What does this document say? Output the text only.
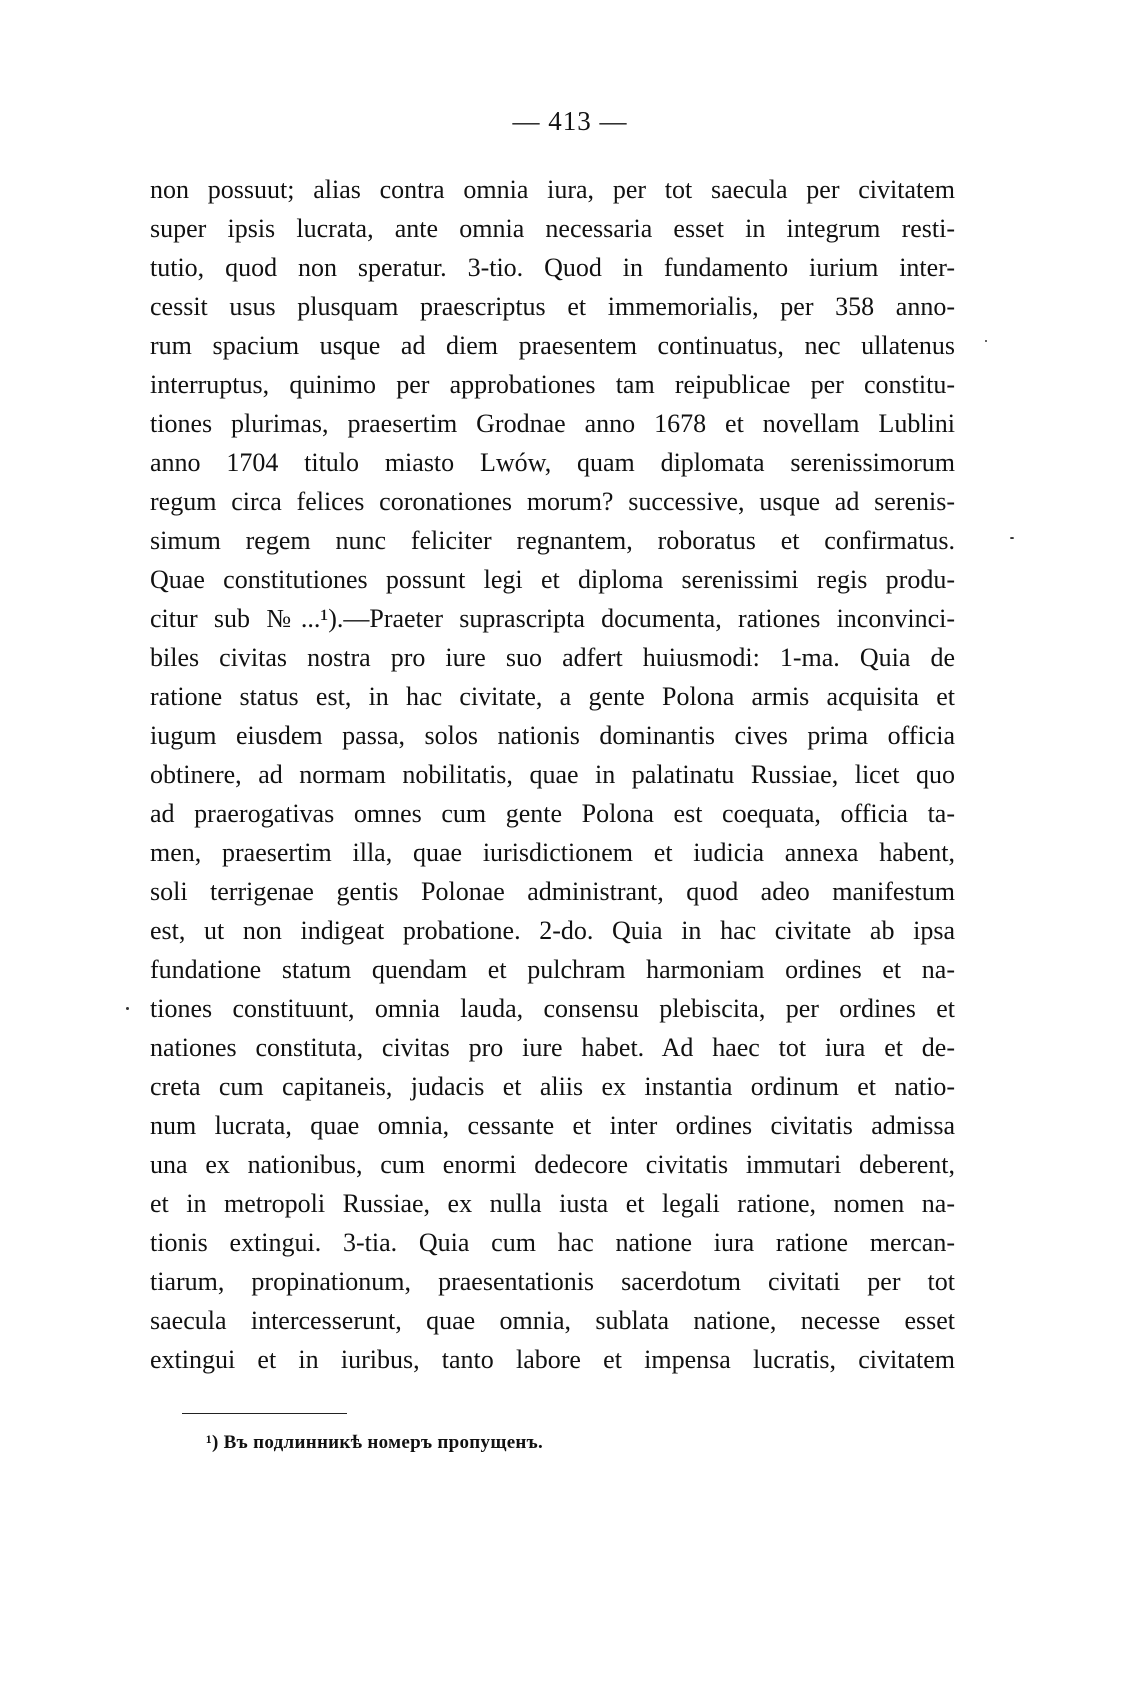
— 413 —
non possuut; alias contra omnia iura, per tot saecula per civitatem
super ipsis lucrata, ante omnia necessaria esset in integrum resti-
tutio, quod non speratur. 3-tio. Quod in fundamento iurium inter-
cessit usus plusquam praescriptus et immemorialis, per 358 anno-
rum spacium usque ad diem praesentem continuatus, nec ullatenus
interruptus, quinimo per approbationes tam reipublicae per constitu-
tiones plurimas, praesertim Grodnae anno 1678 et novellam Lublini
anno 1704 titulo miasto Lwów, quam diplomata serenissimorum
regum circa felices coronationes morum? successive, usque ad serenis-
simum regem nunc feliciter regnantem, roboratus et confirmatus.
Quae constitutiones possunt legi et diploma serenissimi regis produ-
citur sub №...¹).—Praeter suprascripta documenta, rationes inconvinci-
biles civitas nostra pro iure suo adfert huiusmodi: 1-ma. Quia de
ratione status est, in hac civitate, a gente Polona armis acquisita et
iugum eiusdem passa, solos nationis dominantis cives prima officia
obtinere, ad normam nobilitatis, quae in palatinatu Russiae, licet quo
ad praerogativas omnes cum gente Polona est coequata, officia ta-
men, praesertim illa, quae iurisdictionem et iudicia annexa habent,
soli terrigenae gentis Polonae administrant, quod adeo manifestum
est, ut non indigeat probatione. 2-do. Quia in hac civitate ab ipsa
fundatione statum quendam et pulchram harmoniam ordines et na-
tiones constituunt, omnia lauda, consensu plebiscita, per ordines et
nationes constituta, civitas pro iure habet. Ad haec tot iura et de-
creta cum capitaneis, judacis et aliis ex instantia ordinum et natio-
num lucrata, quae omnia, cessante et inter ordines civitatis admissa
una ex nationibus, cum enormi dedecore civitatis immutari deberent,
et in metropoli Russiae, ex nulla iusta et legali ratione, nomen na-
tionis extingui. 3-tia. Quia cum hac natione iura ratione mercan-
tiarum, propinationum, praesentationis sacerdotum civitati per tot
saecula intercesserunt, quae omnia, sublata natione, necesse esset
extingui et in iuribus, tanto labore et impensa lucratis, civitatem
¹) Въ подлинникѣ номеръ пропущенъ.
